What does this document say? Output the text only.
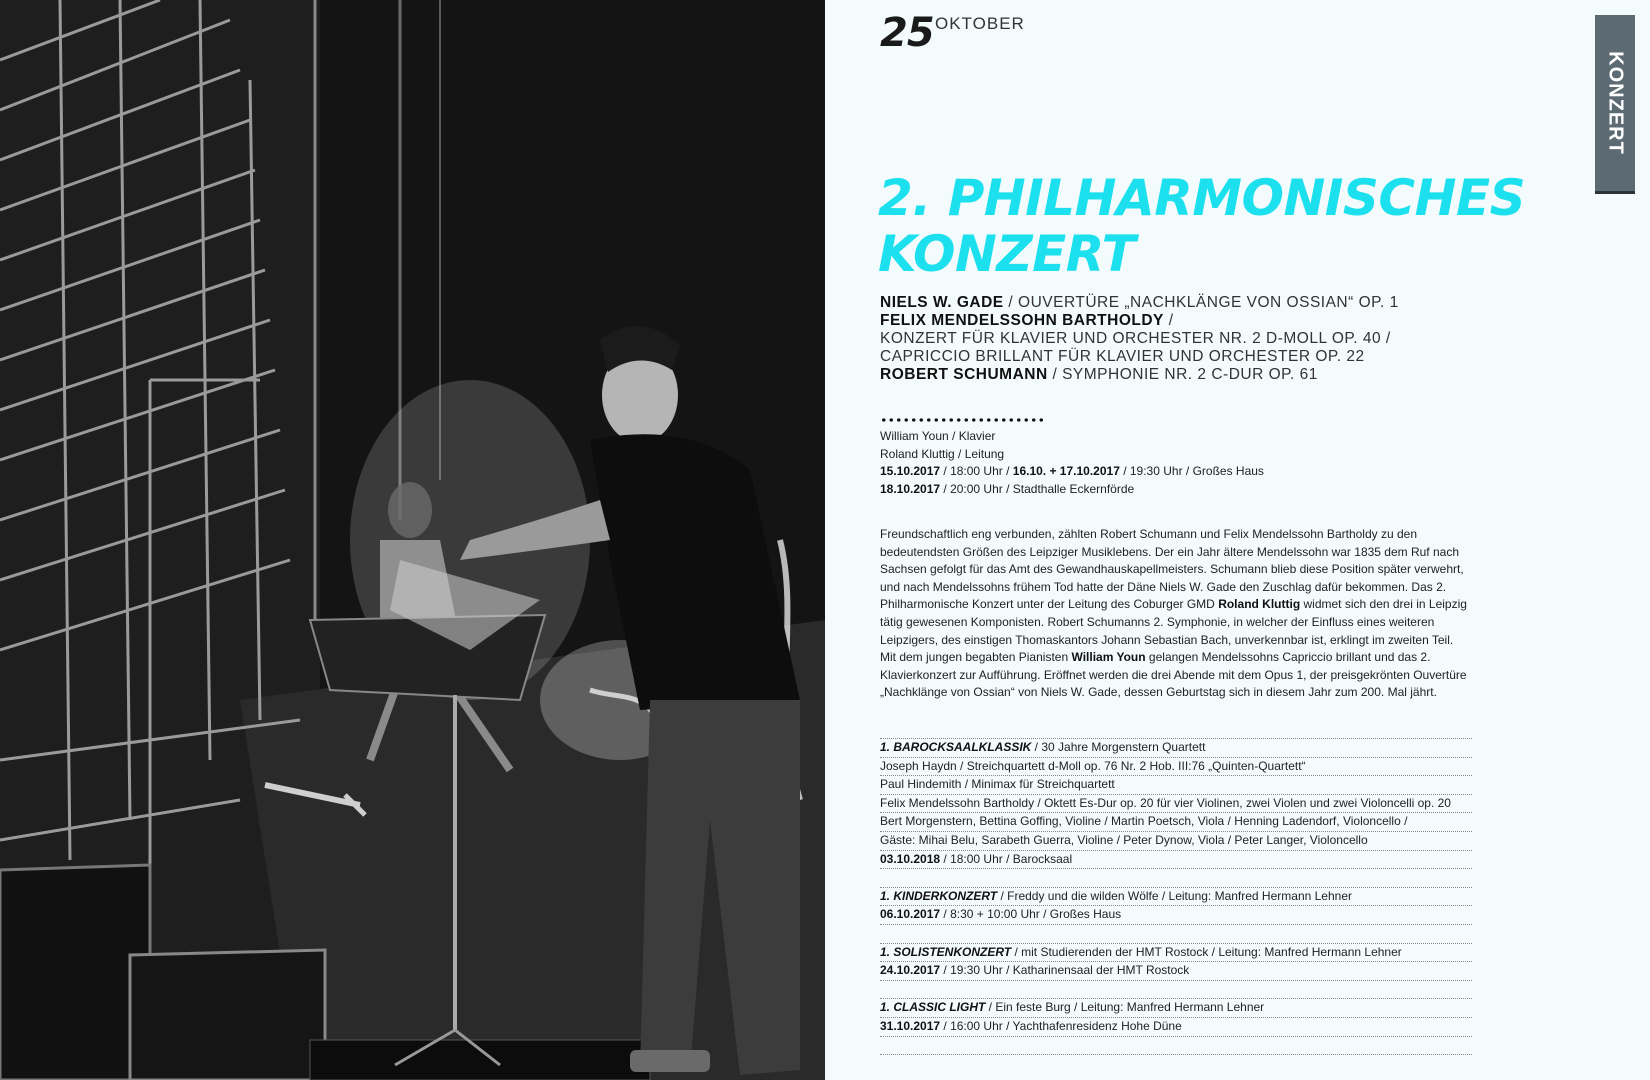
25 OKTOBER
KONZERT
2. PHILHARMONISCHES
KONZERT
NIELS W. GADE / OUVERTÜRE „NACHKLÄNGE VON OSSIAN“ OP. 1
FELIX MENDELSSOHN BARTHOLDY /
KONZERT FÜR KLAVIER UND ORCHESTER NR. 2 D-MOLL OP. 40 /
CAPRICCIO BRILLANT FÜR KLAVIER UND ORCHESTER OP. 22
ROBERT SCHUMANN / SYMPHONIE NR. 2 C-DUR OP. 61
William Youn / Klavier
Roland Kluttig / Leitung
15.10.2017 / 18:00 Uhr / 16.10. + 17.10.2017 / 19:30 Uhr / Großes Haus
18.10.2017 / 20:00 Uhr / Stadthalle Eckernförde

Freundschaftlich eng verbunden, zählten Robert Schumann und Felix Mendelssohn Bartholdy zu den bedeutendsten Größen des Leipziger Musiklebens. Der ein Jahr ältere Mendelssohn war 1835 dem Ruf nach Sachsen gefolgt für das Amt des Gewandhauskapellmeisters. Schumann blieb diese Position später verwehrt, und nach Mendelssohns frühem Tod hatte der Däne Niels W. Gade den Zuschlag dafür bekommen. Das 2. Philharmonische Konzert unter der Leitung des Coburger GMD Roland Kluttig widmet sich den drei in Leipzig tätig gewesenen Komponisten. Robert Schumanns 2. Symphonie, in welcher der Einfluss eines weiteren Leipzigers, des einstigen Thomaskantors Johann Sebastian Bach, unverkennbar ist, erklingt im zweiten Teil. Mit dem jungen begabten Pianisten William Youn gelangen Mendelssohns Capriccio brillant und das 2. Klavierkonzert zur Aufführung. Eröffnet werden die drei Abende mit dem Opus 1, der preisgekrönten Ouvertüre „Nachklänge von Ossian“ von Niels W. Gade, dessen Geburtstag sich in diesem Jahr zum 200. Mal jährt.

1. BAROCKSAALKLASSIK / 30 Jahre Morgenstern Quartett
Joseph Haydn / Streichquartett d-Moll op. 76 Nr. 2 Hob. III:76 „Quinten-Quartett“
Paul Hindemith / Minimax für Streichquartett
Felix Mendelssohn Bartholdy / Oktett Es-Dur op. 20 für vier Violinen, zwei Violen und zwei Violoncelli op. 20
Bert Morgenstern, Bettina Goffing, Violine / Martin Poetsch, Viola / Henning Ladendorf, Violoncello /
Gäste: Mihai Belu, Sarabeth Guerra, Violine / Peter Dynow, Viola / Peter Langer, Violoncello
03.10.2018 / 18:00 Uhr / Barocksaal
1. KINDERKONZERT / Freddy und die wilden Wölfe / Leitung: Manfred Hermann Lehner
06.10.2017 / 8:30 + 10:00 Uhr / Großes Haus
1. SOLISTENKONZERT / mit Studierenden der HMT Rostock / Leitung: Manfred Hermann Lehner
24.10.2017 / 19:30 Uhr / Katharinensaal der HMT Rostock
1. CLASSIC LIGHT / Ein feste Burg / Leitung: Manfred Hermann Lehner
31.10.2017 / 16:00 Uhr / Yachthafenresidenz Hohe Düne
